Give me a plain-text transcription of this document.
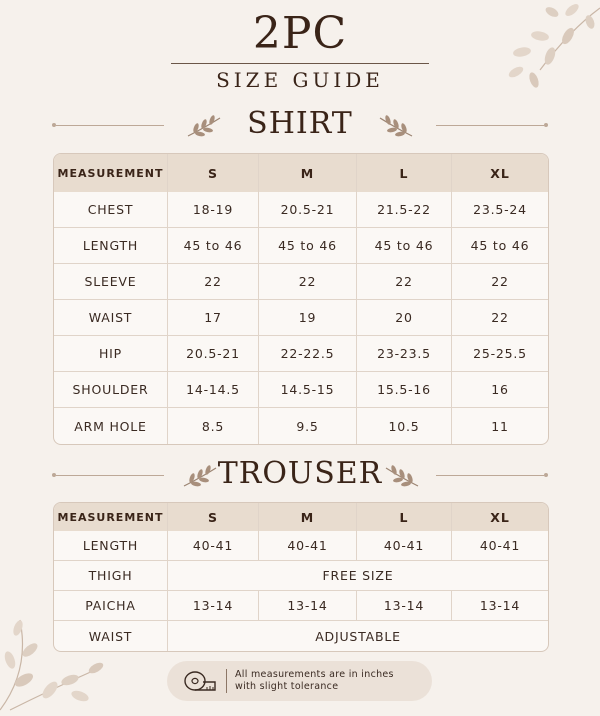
2PC
SIZE GUIDE
SHIRT
MEASUREMENT	S	M	L	XL
CHEST	18-19	20.5-21	21.5-22	23.5-24
LENGTH	45 to 46	45 to 46	45 to 46	45 to 46
SLEEVE	22	22	22	22
WAIST	17	19	20	22
HIP	20.5-21	22-22.5	23-23.5	25-25.5
SHOULDER	14-14.5	14.5-15	15.5-16	16
ARM HOLE	8.5	9.5	10.5	11
TROUSER
MEASUREMENT	S	M	L	XL
LENGTH	40-41	40-41	40-41	40-41
THIGH	FREE SIZE			
PAICHA	13-14	13-14	13-14	13-14
WAIST	ADJUSTABLE			
All measurements are in inches
with slight tolerance
